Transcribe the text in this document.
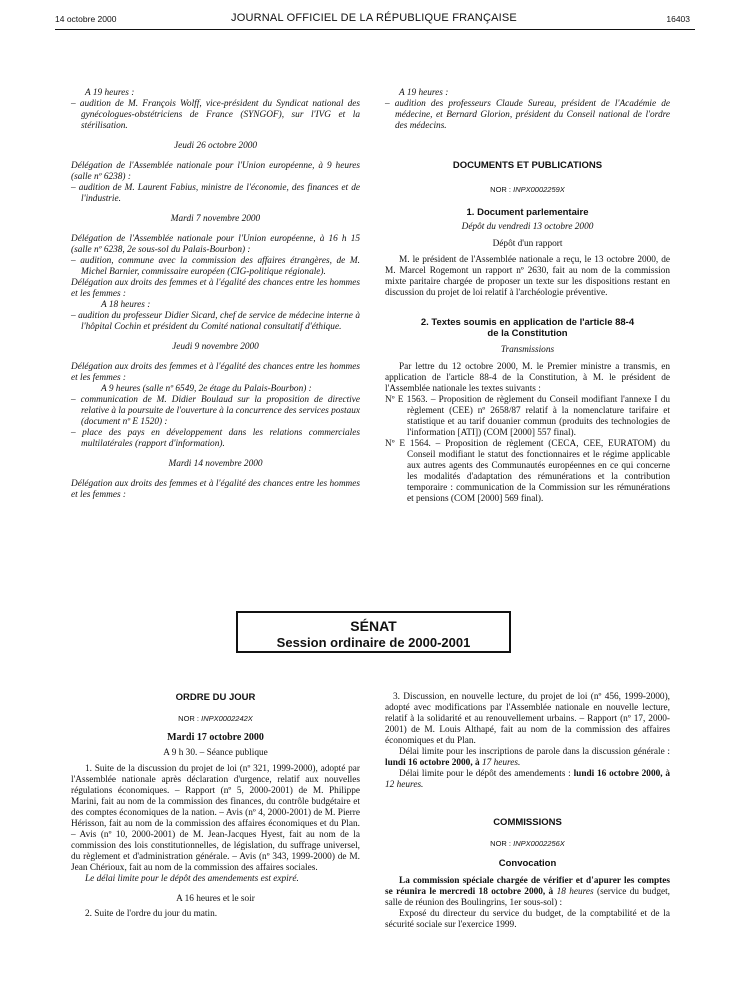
14 octobre 2000	JOURNAL OFFICIEL DE LA RÉPUBLIQUE FRANÇAISE	16403

A 19 heures :

– audition de M. François Wolff, vice-président du Syndicat national des gynécologues-obstétriciens de France (SYNGOF), sur l'IVG et la stérilisation.

Jeudi 26 octobre 2000

Délégation de l'Assemblée nationale pour l'Union européenne, à 9 heures (salle nº 6238) :

– audition de M. Laurent Fabius, ministre de l'économie, des finances et de l'industrie.

Mardi 7 novembre 2000

Délégation de l'Assemblée nationale pour l'Union européenne, à 16 h 15 (salle nº 6238, 2e sous-sol du Palais-Bourbon) :

– audition, commune avec la commission des affaires étrangères, de M. Michel Barnier, commissaire européen (CIG-politique régionale).

Délégation aux droits des femmes et à l'égalité des chances entre les hommes et les femmes :

A 18 heures :

– audition du professeur Didier Sicard, chef de service de médecine interne à l'hôpital Cochin et président du Comité national consultatif d'éthique.

Jeudi 9 novembre 2000

Délégation aux droits des femmes et à l'égalité des chances entre les hommes et les femmes :

A 9 heures (salle nº 6549, 2e étage du Palais-Bourbon) :

– communication de M. Didier Boulaud sur la proposition de directive relative à la poursuite de l'ouverture à la concurrence des services postaux (document nº E 1520) :

– place des pays en développement dans les relations commerciales multilatérales (rapport d'information).

Mardi 14 novembre 2000

Délégation aux droits des femmes et à l'égalité des chances entre les hommes et les femmes :

A 19 heures :

– audition des professeurs Claude Sureau, président de l'Académie de médecine, et Bernard Glorion, président du Conseil national de l'ordre des médecins.

DOCUMENTS ET PUBLICATIONS

NOR : INPX0002259X

1. Document parlementaire

Dépôt du vendredi 13 octobre 2000

Dépôt d'un rapport

M. le président de l'Assemblée nationale a reçu, le 13 octobre 2000, de M. Marcel Rogemont un rapport nº 2630, fait au nom de la commission mixte paritaire chargée de proposer un texte sur les dispositions restant en discussion du projet de loi relatif à l'archéologie préventive.

2. Textes soumis en application de l'article 88-4

de la Constitution

Transmissions

Par lettre du 12 octobre 2000, M. le Premier ministre a transmis, en application de l'article 88-4 de la Constitution, à M. le président de l'Assemblée nationale les textes suivants :

Nº E 1563. – Proposition de règlement du Conseil modifiant l'annexe I du règlement (CEE) nº 2658/87 relatif à la nomenclature tarifaire et statistique et au tarif douanier commun (produits des technologies de l'information [ATI]) (COM [2000] 557 final).

Nº E 1564. – Proposition de règlement (CECA, CEE, EURATOM) du Conseil modifiant le statut des fonctionnaires et le régime applicable aux autres agents des Communautés européennes en ce qui concerne les modalités d'adaptation des rémunérations et la contribution temporaire : communication de la Commission sur les rémunérations et pensions (COM [2000] 569 final).

SÉNAT
Session ordinaire de 2000-2001

ORDRE DU JOUR

NOR : INPX0002242X

Mardi 17 octobre 2000

A 9 h 30. – Séance publique

1. Suite de la discussion du projet de loi (nº 321, 1999-2000), adopté par l'Assemblée nationale après déclaration d'urgence, relatif aux nouvelles régulations économiques. – Rapport (nº 5, 2000-2001) de M. Philippe Marini, fait au nom de la commission des finances, du contrôle budgétaire et des comptes économiques de la nation. – Avis (nº 4, 2000-2001) de M. Pierre Hérisson, fait au nom de la commission des affaires économiques et du Plan. – Avis (nº 10, 2000-2001) de M. Jean-Jacques Hyest, fait au nom de la commission des lois constitutionnelles, de législation, du suffrage universel, du règlement et d'administration générale. – Avis (nº 343, 1999-2000) de M. Jean Chérioux, fait au nom de la commission des affaires sociales.

Le délai limite pour le dépôt des amendements est expiré.

A 16 heures et le soir

2. Suite de l'ordre du jour du matin.

3. Discussion, en nouvelle lecture, du projet de loi (nº 456, 1999-2000), adopté avec modifications par l'Assemblée nationale en nouvelle lecture, relatif à la solidarité et au renouvellement urbains. – Rapport (nº 17, 2000-2001) de M. Louis Althapé, fait au nom de la commission des affaires économiques et du Plan.

Délai limite pour les inscriptions de parole dans la discussion générale : lundi 16 octobre 2000, à 17 heures.

Délai limite pour le dépôt des amendements : lundi 16 octobre 2000, à 12 heures.

COMMISSIONS

NOR : INPX0002256X

Convocation

La commission spéciale chargée de vérifier et d'apurer les comptes se réunira le mercredi 18 octobre 2000, à 18 heures (service du budget, salle de réunion des Boulingrins, 1er sous-sol) :

Exposé du directeur du service du budget, de la comptabilité et de la sécurité sociale sur l'exercice 1999.
